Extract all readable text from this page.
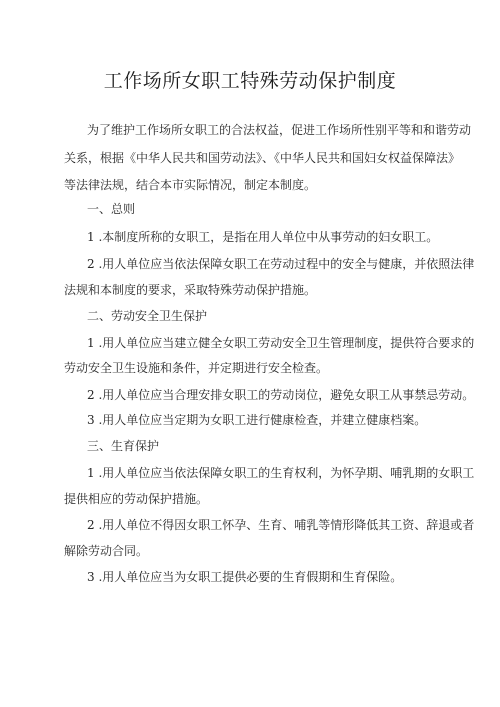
工作场所女职工特殊劳动保护制度
为了维护工作场所女职工的合法权益，促进工作场所性别平等和和谐劳动
关系，根据《中华人民共和国劳动法》、《中华人民共和国妇女权益保障法》
等法律法规，结合本市实际情况，制定本制度。
一、总则
1 .本制度所称的女职工，是指在用人单位中从事劳动的妇女职工。
2 .用人单位应当依法保障女职工在劳动过程中的安全与健康，并依照法律
法规和本制度的要求，采取特殊劳动保护措施。
二、劳动安全卫生保护
1 .用人单位应当建立健全女职工劳动安全卫生管理制度，提供符合要求的
劳动安全卫生设施和条件，并定期进行安全检查。
2 .用人单位应当合理安排女职工的劳动岗位，避免女职工从事禁忌劳动。
3 .用人单位应当定期为女职工进行健康检查，并建立健康档案。
三、生育保护
1 .用人单位应当依法保障女职工的生育权利，为怀孕期、哺乳期的女职工
提供相应的劳动保护措施。
2 .用人单位不得因女职工怀孕、生育、哺乳等情形降低其工资、辞退或者
解除劳动合同。
3 .用人单位应当为女职工提供必要的生育假期和生育保险。
